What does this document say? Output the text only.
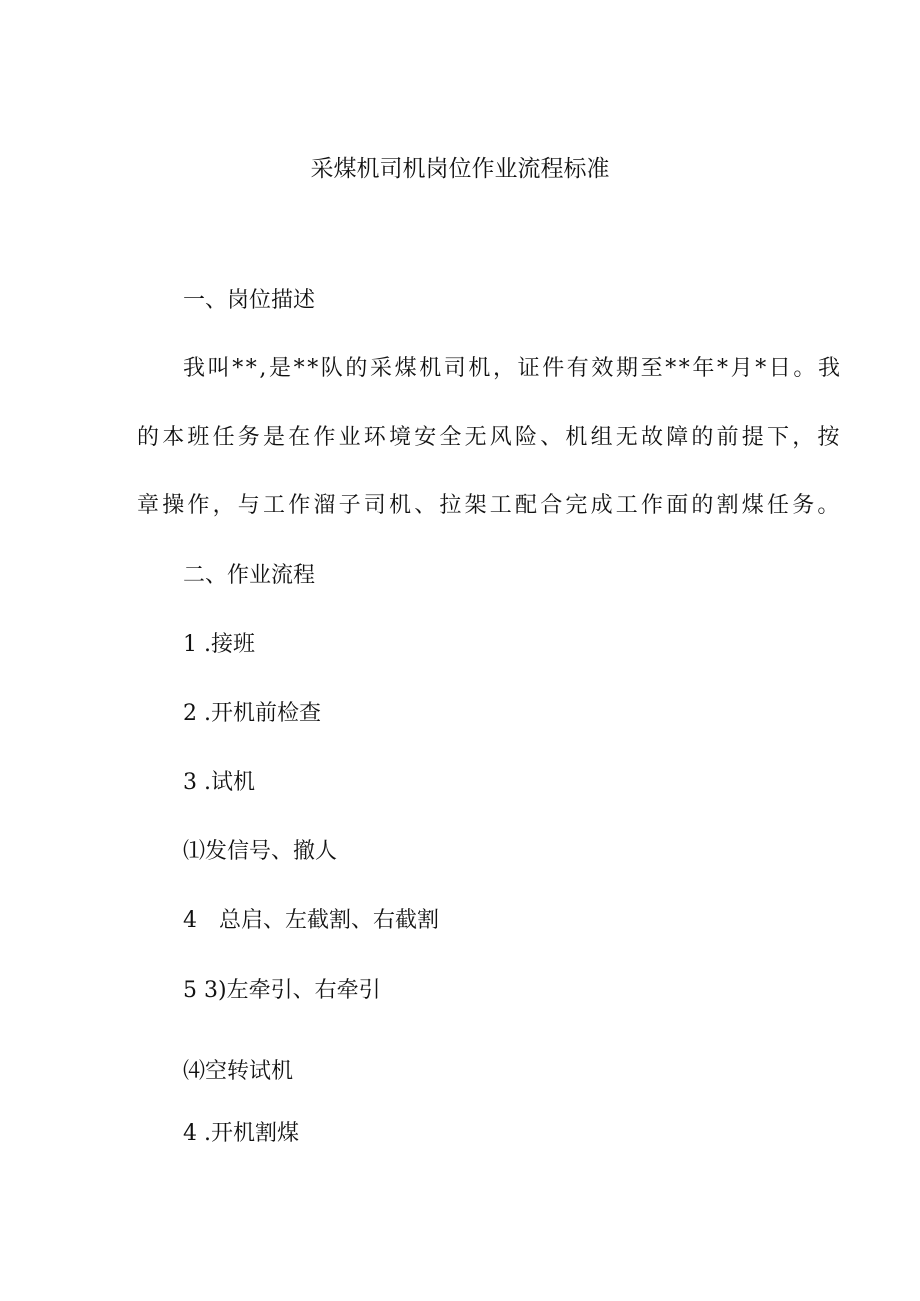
采煤机司机岗位作业流程标准
一、岗位描述
我叫**,是**队的采煤机司机，证件有效期至**年*月*日。我
的本班任务是在作业环境安全无风险、机组无故障的前提下，按
章操作，与工作溜子司机、拉架工配合完成工作面的割煤任务。
二、作业流程
1 .接班
2 .开机前检查
3 .试机
⑴发信号、撤人
4　总启、左截割、右截割
5 3)左牵引、右牵引
⑷空转试机
4 .开机割煤
